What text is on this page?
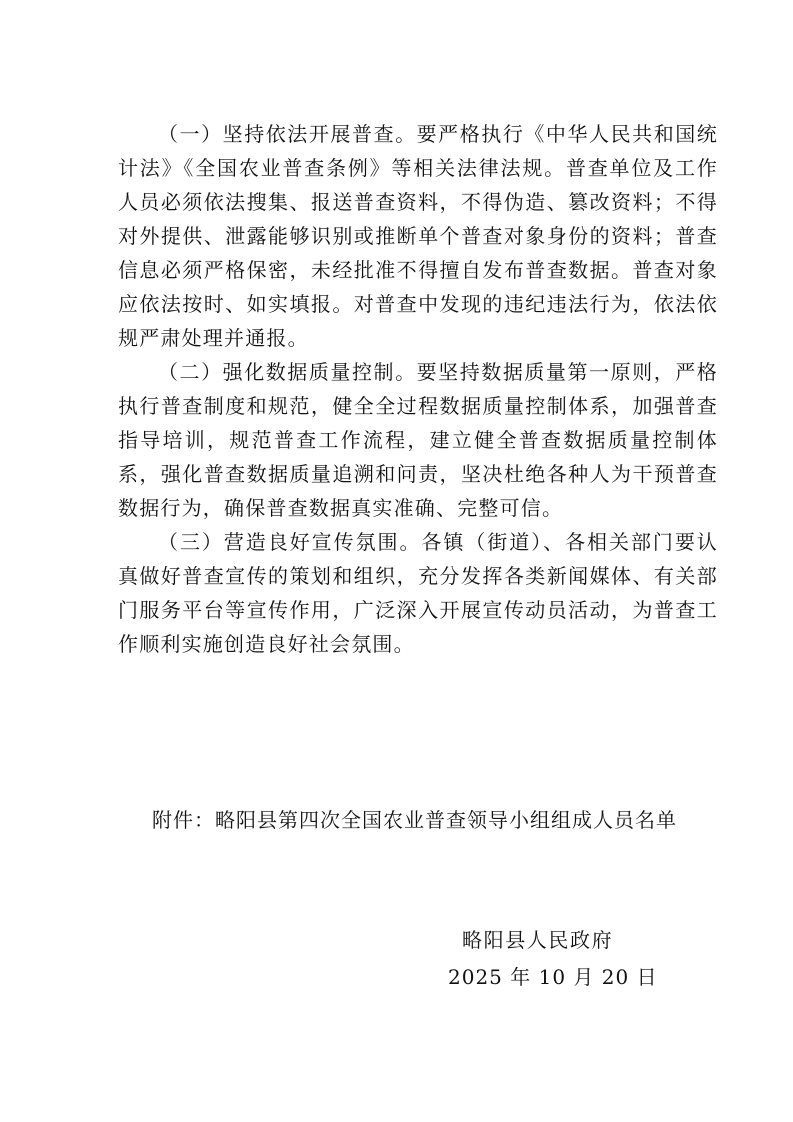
（一）坚持依法开展普查。要严格执行《中华人民共和国统计法》《全国农业普查条例》等相关法律法规。普查单位及工作人员必须依法搜集、报送普查资料，不得伪造、篡改资料；不得对外提供、泄露能够识别或推断单个普查对象身份的资料；普查信息必须严格保密，未经批准不得擅自发布普查数据。普查对象应依法按时、如实填报。对普查中发现的违纪违法行为，依法依规严肃处理并通报。

（二）强化数据质量控制。要坚持数据质量第一原则，严格执行普查制度和规范，健全全过程数据质量控制体系，加强普查指导培训，规范普查工作流程，建立健全普查数据质量控制体系，强化普查数据质量追溯和问责，坚决杜绝各种人为干预普查数据行为，确保普查数据真实准确、完整可信。

（三）营造良好宣传氛围。各镇（街道）、各相关部门要认真做好普查宣传的策划和组织，充分发挥各类新闻媒体、有关部门服务平台等宣传作用，广泛深入开展宣传动员活动，为普查工作顺利实施创造良好社会氛围。

附件：略阳县第四次全国农业普查领导小组组成人员名单
略阳县人民政府
2025 年 10 月 20 日
